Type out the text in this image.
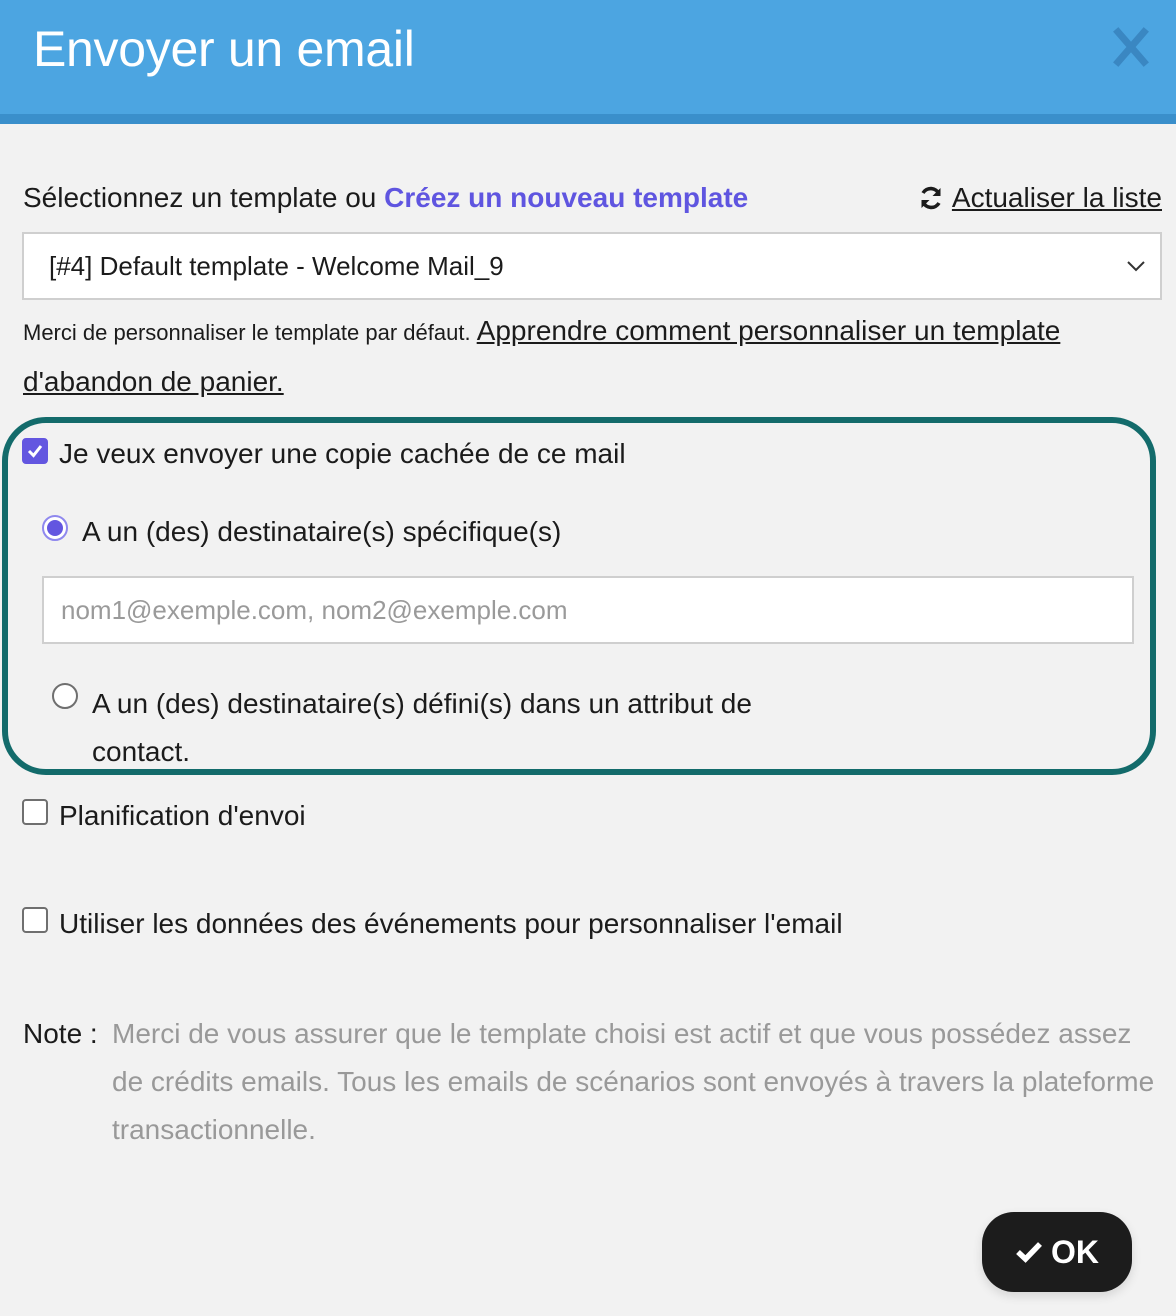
Envoyer un email
Sélectionnez un template ou Créez un nouveau template	Actualiser la liste
[#4] Default template - Welcome Mail_9
Merci de personnaliser le template par défaut. Apprendre comment personnaliser un template d'abandon de panier.
Je veux envoyer une copie cachée de ce mail
A un (des) destinataire(s) spécifique(s)
nom1@exemple.com, nom2@exemple.com
A un (des) destinataire(s) défini(s) dans un attribut de contact.
Planification d'envoi
Utiliser les données des événements pour personnaliser l'email
Note : Merci de vous assurer que le template choisi est actif et que vous possédez assez de crédits emails. Tous les emails de scénarios sont envoyés à travers la plateforme transactionnelle.
OK
